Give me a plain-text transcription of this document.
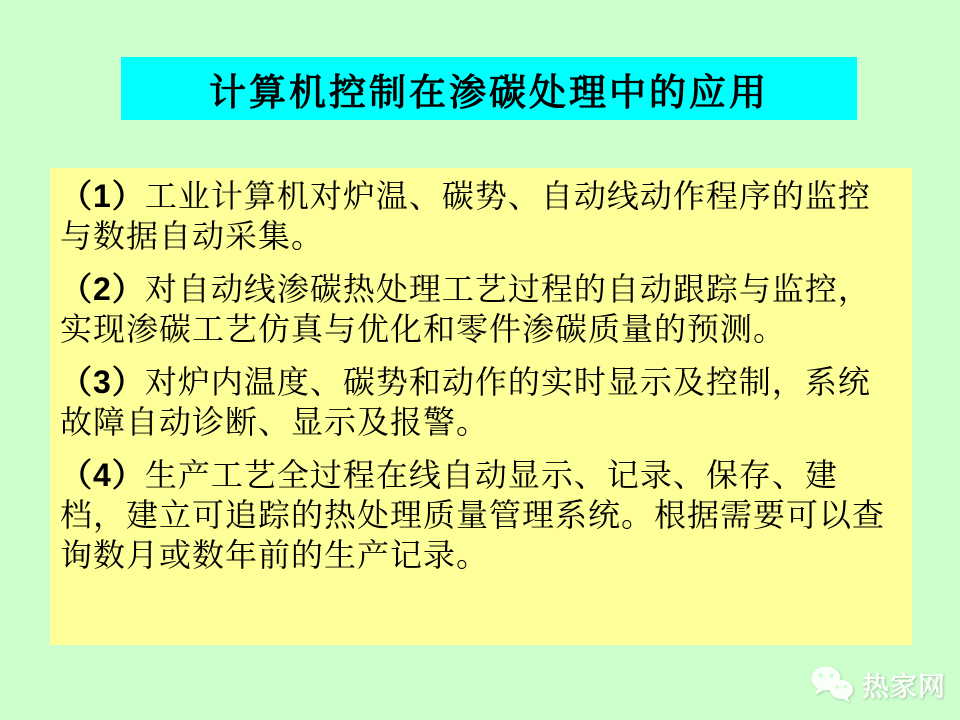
计算机控制在渗碳处理中的应用

（1）工业计算机对炉温、碳势、自动线动作程序的监控与数据自动采集。

（2）对自动线渗碳热处理工艺过程的自动跟踪与监控，实现渗碳工艺仿真与优化和零件渗碳质量的预测。

（3）对炉内温度、碳势和动作的实时显示及控制，系统故障自动诊断、显示及报警。

（4）生产工艺全过程在线自动显示、记录、保存、建档，建立可追踪的热处理质量管理系统。根据需要可以查询数月或数年前的生产记录。

热家网
